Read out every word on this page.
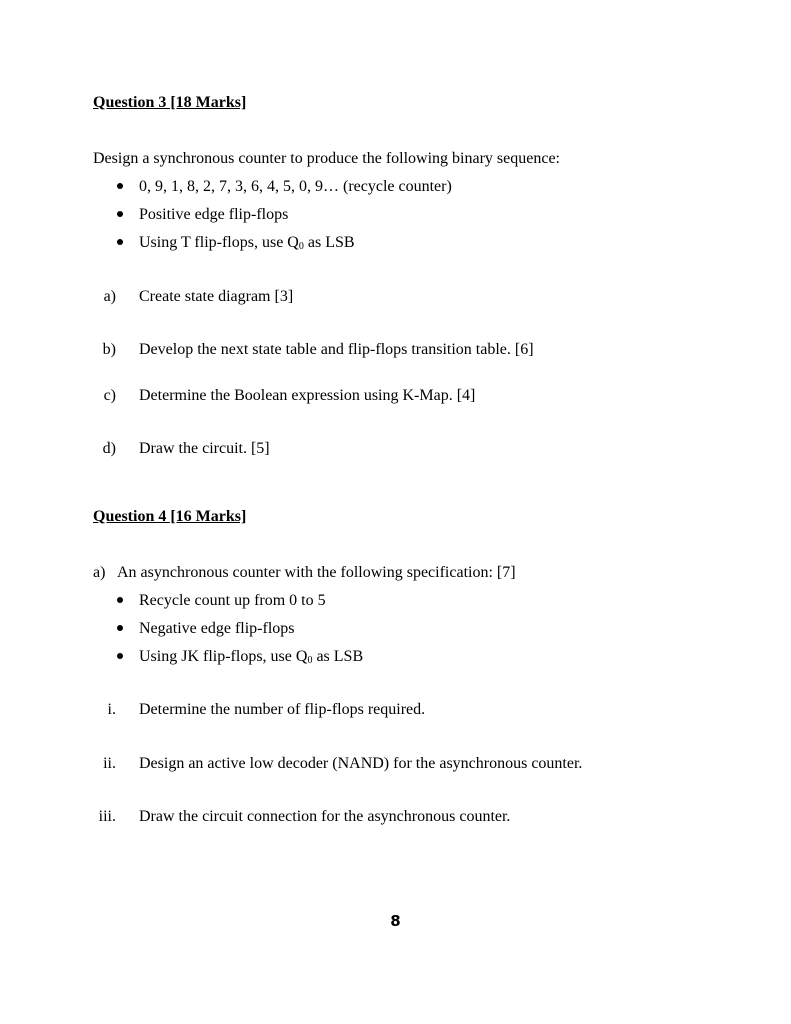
Question 3 [18 Marks]
Design a synchronous counter to produce the following binary sequence:
0, 9, 1, 8, 2, 7, 3, 6, 4, 5, 0, 9… (recycle counter)
Positive edge flip-flops
Using T flip-flops, use $Q_0$ as LSB
a) Create state diagram [3]
b) Develop the next state table and flip-flops transition table. [6]
c) Determine the Boolean expression using K-Map. [4]
d) Draw the circuit. [5]
Question 4 [16 Marks]
a) An asynchronous counter with the following specification: [7]
Recycle count up from 0 to 5
Negative edge flip-flops
Using JK flip-flops, use $Q_0$ as LSB
i. Determine the number of flip-flops required.
ii. Design an active low decoder (NAND) for the asynchronous counter.
iii. Draw the circuit connection for the asynchronous counter.
8
